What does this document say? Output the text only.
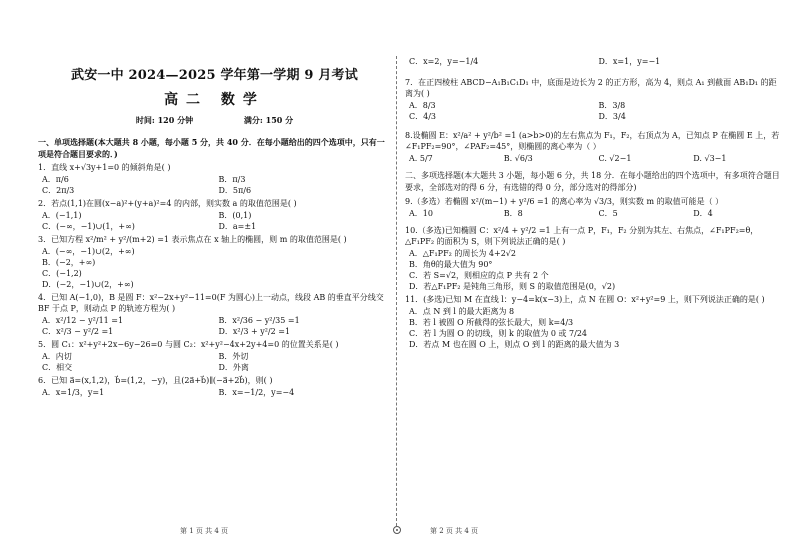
武安一中 2024—2025 学年第一学期 9 月考试
高二 数学
时间: 120 分钟	满分: 150 分
一、单项选择题(本大题共 8 小题，每小题 5 分，共 40 分．在每小题给出的四个选项中，只有一项是符合题目要求的．)
1．直线 x+√3y+1=0 的倾斜角是( )
A．π/6	B．π/3
C．2π/3	D．5π/6
2．若点(1,1)在圆(x−a)²+(y+a)²=4 的内部，则实数 a 的取值范围是( )
A．(−1,1)	B．(0,1)
C．(−∞，−1)∪(1，+∞)	D．a=±1
3．已知方程 x²/m² + y²/(m+2) =1 表示焦点在 x 轴上的椭圆，则 m 的取值范围是( )
A．(−∞，−1)∪(2，+∞)
B．(−2，+∞)
C．(−1,2)
D．(−2，−1)∪(2，+∞)
4．已知 A(−1,0)，B 是圆 F：x²−2x+y²−11=0(F 为圆心)上一动点，线段 AB 的垂直平分线交 BF 于点 P，则动点 P 的轨迹方程为( )
A．x²/12 − y²/11 =1	B．x²/36 − y²/35 =1
C．x²/3 − y²/2 =1	D．x²/3 + y²/2 =1
5．圆 C₁：x²+y²+2x−6y−26=0 与圆 C₂：x²+y²−4x+2y+4=0 的位置关系是( )
A．内切	B．外切
C．相交	D．外离
6．已知 a⃗=(x,1,2)，b⃗=(1,2，−y)，且(2a⃗+b⃗)∥(−a⃗+2b⃗)，则( )
A．x=1/3，y=1	B．x=−1/2，y=−4
C．x=2，y=−1/4	D．x=1，y=−1
7．在正四棱柱 ABCD−A₁B₁C₁D₁ 中，底面是边长为 2 的正方形，高为 4，则点 A₁ 到截面 AB₁D₁ 的距离为( )
A．8/3	B．3/8
C．4/3	D．3/4
8.设椭圆 E：x²/a² + y²/b² =1 (a>b>0)的左右焦点为 F₁，F₂，右顶点为 A，已知点 P 在椭圆 E 上，若∠F₁PF₂=90°，∠PAF₂=45°，则椭圆的离心率为（ ）
A. 5/7	B. √6/3	C. √2−1	D. √3−1
二、多项选择题(本大题共 3 小题，每小题 6 分，共 18 分．在每小题给出的四个选项中，有多项符合题目要求，全部选对的得 6 分，有选错的得 0 分，部分选对的得部分)
9.（多选）若椭圆 x²/(m−1) + y²/6 =1 的离心率为 √3/3，则实数 m 的取值可能是（ ）
A．10	B．8	C．5	D．4
10.（多选)已知椭圆 C：x²/4 + y²/2 =1 上有一点 P，F₁，F₂ 分别为其左、右焦点，∠F₁PF₂=θ，△F₁PF₂ 的面积为 S，则下列说法正确的是( )
A．△F₁PF₂ 的周长为 4+2√2
B．角θ的最大值为 90°
C．若 S=√2，则相应的点 P 共有 2 个
D．若△F₁PF₂ 是钝角三角形，则 S 的取值范围是(0，√2)
11．(多选)已知 M 在直线 l：y−4=k(x−3)上，点 N 在圆 O：x²+y²=9 上，则下列说法正确的是( )
A．点 N 到 l 的最大距离为 8
B．若 l 被圆 O 所截得的弦长最大，则 k=4/3
C．若 l 为圆 O 的切线，则 k 的取值为 0 或 7/24
D．若点 M 也在圆 O 上，则点 O 到 l 的距离的最大值为 3
第 1 页 共 4 页	第 2 页 共 4 页
